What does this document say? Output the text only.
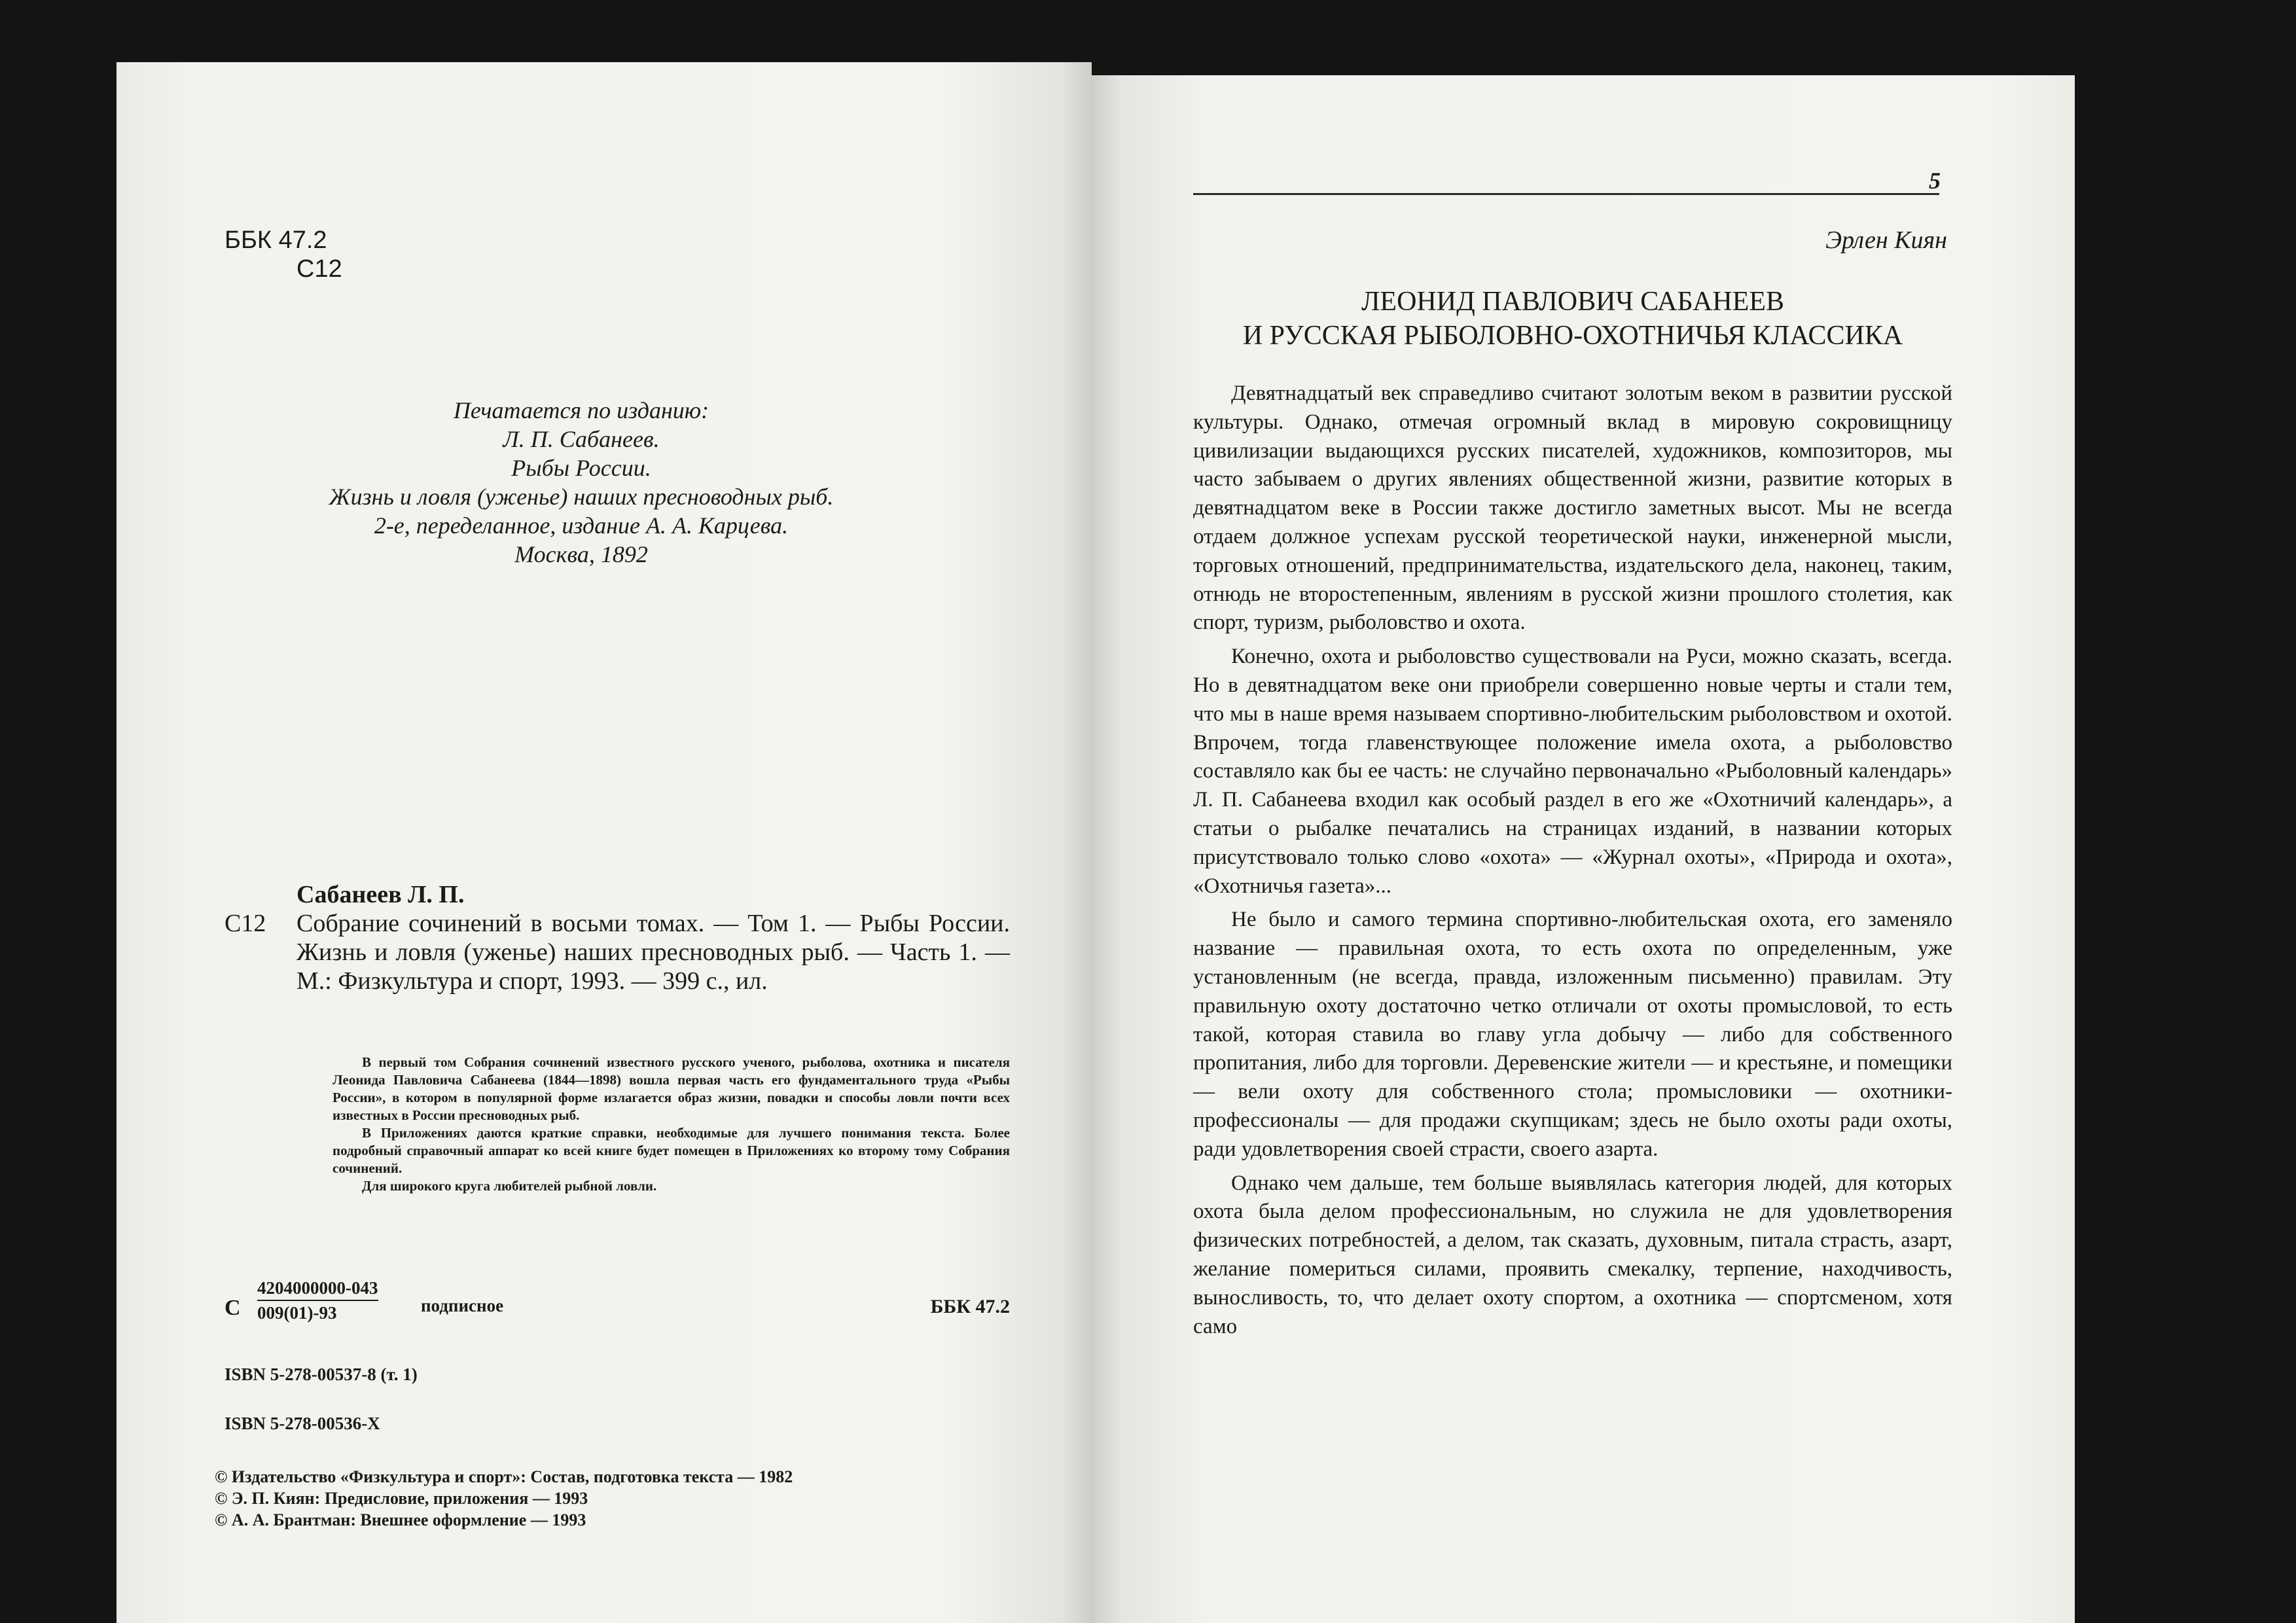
ББК 47.2
С12
Печатается по изданию:
Л. П. Сабанеев.
Рыбы России.
Жизнь и ловля (уженье) наших пресноводных рыб.
2-е, переделанное, издание А. А. Карцева.
Москва, 1892
Сабанеев Л. П.
С12	Собрание сочинений в восьми томах. — Том 1. — Рыбы России. Жизнь и ловля (уженье) наших пресноводных рыб. — Часть 1. — М.: Физкультура и спорт, 1993. — 399 с., ил.

В первый том Собрания сочинений известного русского ученого, рыболова, охотника и писателя Леонида Павловича Сабанеева (1844—1898) вошла первая часть его фундаментального труда «Рыбы России», в котором в популярной форме излагается образ жизни, повадки и способы ловли почти всех известных в России пресноводных рыб.

В Приложениях даются краткие справки, необходимые для лучшего понимания текста. Более подробный справочный аппарат ко всей книге будет помещен в Приложениях ко второму тому Собрания сочинений.

Для широкого круга любителей рыбной ловли.

С $\frac{4204000000-043}{009(01)-93}$ подписное	ББК 47.2
ISBN 5-278-00537-8 (т. 1)
ISBN 5-278-00536-X
© Издательство «Физкультура и спорт»: Состав, подготовка текста — 1982
© Э. П. Киян: Предисловие, приложения — 1993
© А. А. Брантман: Внешнее оформление — 1993
5
Эрлен Киян
ЛЕОНИД ПАВЛОВИЧ САБАНЕЕВ
И РУССКАЯ РЫБОЛОВНО-ОХОТНИЧЬЯ КЛАССИКА

Девятнадцатый век справедливо считают золотым веком в развитии русской культуры. Однако, отмечая огромный вклад в мировую сокровищницу цивилизации выдающихся русских писателей, художников, композиторов, мы часто забываем о других явлениях общественной жизни, развитие которых в девятнадцатом веке в России также достигло заметных высот. Мы не всегда отдаем должное успехам русской теоретической науки, инженерной мысли, торговых отношений, предпринимательства, издательского дела, наконец, таким, отнюдь не второстепенным, явлениям в русской жизни прошлого столетия, как спорт, туризм, рыболовство и охота.

Конечно, охота и рыболовство существовали на Руси, можно сказать, всегда. Но в девятнадцатом веке они приобрели совершенно новые черты и стали тем, что мы в наше время называем спортивно-любительским рыболовством и охотой. Впрочем, тогда главенствующее положение имела охота, а рыболовство составляло как бы ее часть: не случайно первоначально «Рыболовный календарь» Л. П. Сабанеева входил как особый раздел в его же «Охотничий календарь», а статьи о рыбалке печатались на страницах изданий, в названии которых присутствовало только слово «охота» — «Журнал охоты», «Природа и охота», «Охотничья газета»...

Не было и самого термина спортивно-любительская охота, его заменяло название — правильная охота, то есть охота по определенным, уже установленным (не всегда, правда, изложенным письменно) правилам. Эту правильную охоту достаточно четко отличали от охоты промысловой, то есть такой, которая ставила во главу угла добычу — либо для собственного пропитания, либо для торговли. Деревенские жители — и крестьяне, и помещики — вели охоту для собственного стола; промысловики — охотники-профессионалы — для продажи скупщикам; здесь не было охоты ради охоты, ради удовлетворения своей страсти, своего азарта.

Однако чем дальше, тем больше выявлялась категория людей, для которых охота была делом профессиональным, но служила не для удовлетворения физических потребностей, а делом, так сказать, духовным, питала страсть, азарт, желание помериться силами, проявить смекалку, терпение, находчивость, выносливость, то, что делает охоту спортом, а охотника — спортсменом, хотя само
